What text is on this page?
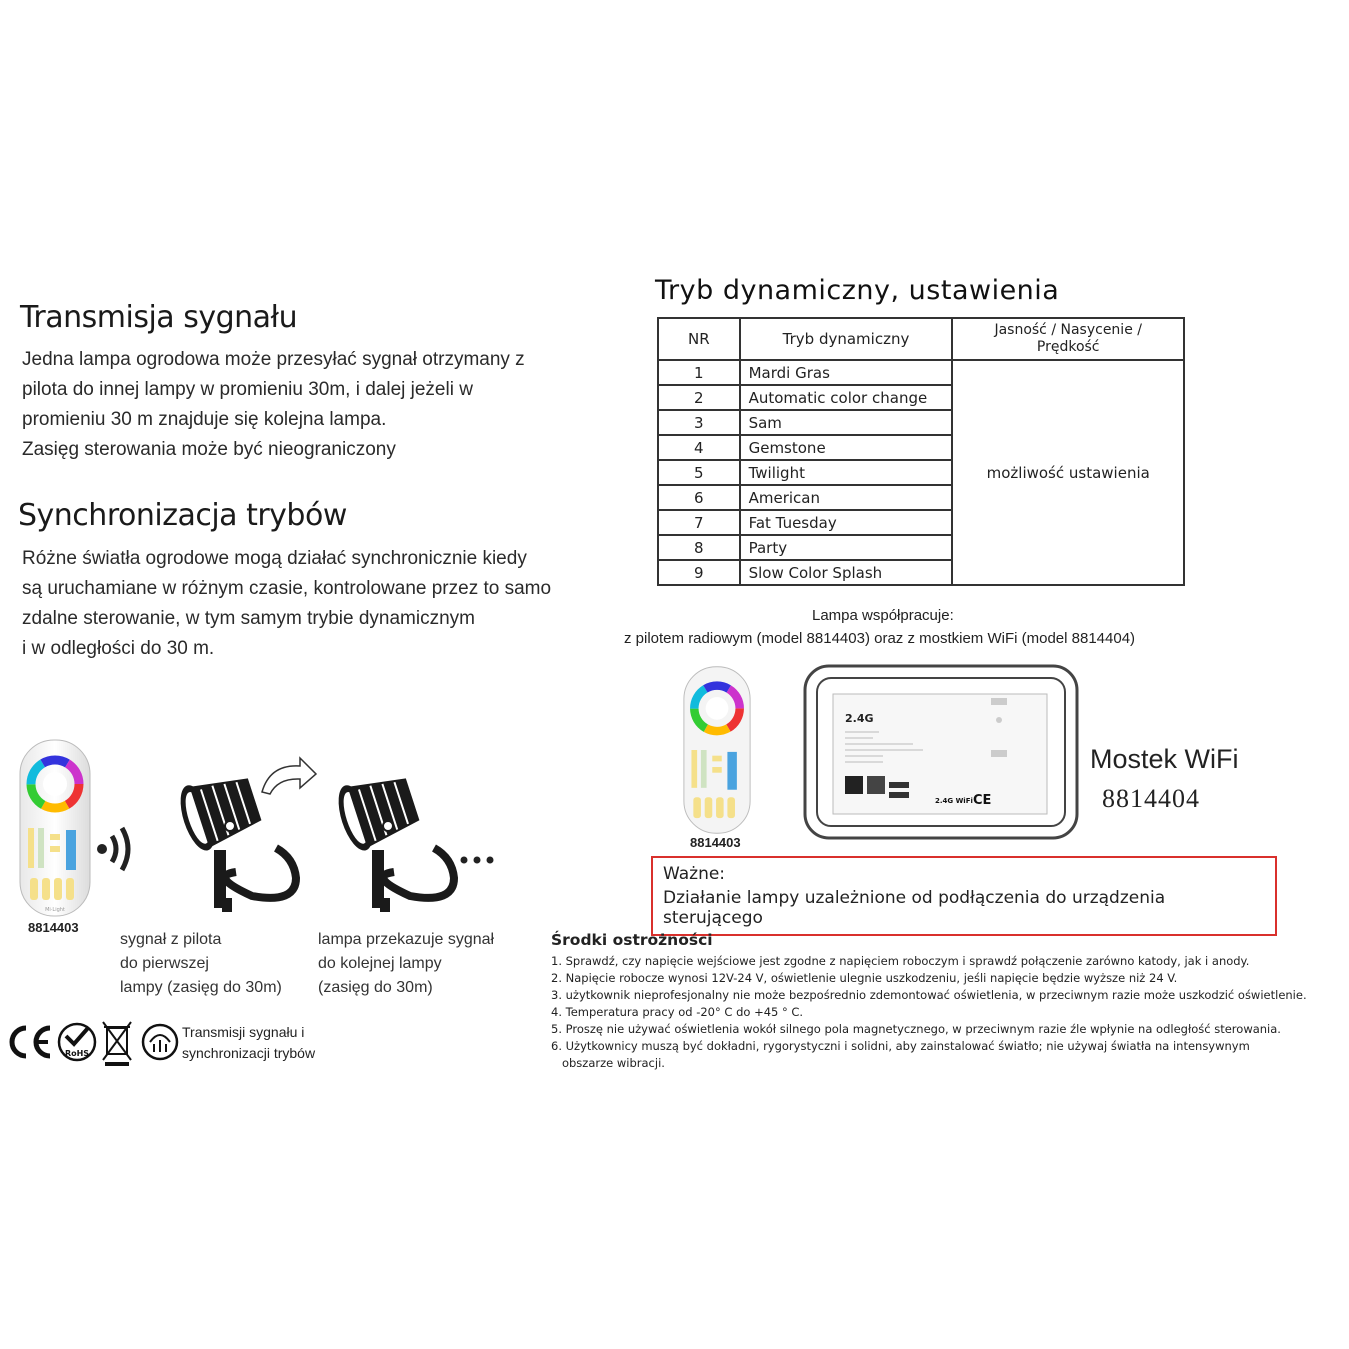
Transmisja sygnału
Jedna lampa ogrodowa może przesyłać sygnał otrzymany z
pilota do innej lampy w promieniu 30m, i dalej jeżeli w
promieniu 30 m znajduje się kolejna lampa.
Zasięg sterowania może być nieograniczony
Synchronizacja trybów
Różne światła ogrodowe mogą działać synchronicznie kiedy
są uruchamiane w różnym czasie, kontrolowane przez to samo
zdalne sterowanie, w tym samym trybie dynamicznym
i w odległości do 30 m.
Mi·Light
8814403
sygnał z pilota
do pierwszej
lampy (zasięg do 30m)
lampa przekazuje sygnał
do kolejnej lampy
(zasięg do 30m)
RoHS
Transmisji sygnału i
synchronizacji trybów
Tryb dynamiczny, ustawienia
NR	Tryb dynamiczny	Jasność / Nasycenie / Prędkość
1	Mardi Gras	możliwość ustawienia
2	Automatic color change	
3	Sam	
4	Gemstone	
5	Twilight	
6	American	
7	Fat Tuesday	
8	Party	
9	Slow Color Splash	
Lampa współpracuje:
z pilotem radiowym (model 8814403) oraz z mostkiem WiFi (model 8814404)
8814403
2.4G
2.4G WiFi CE
Mostek WiFi
8814404
Ważne:
Działanie lampy uzależnione od podłączenia do urządzenia sterującego
Środki ostrożności
1. Sprawdź, czy napięcie wejściowe jest zgodne z napięciem roboczym i sprawdź połączenie zarówno katody, jak i anody.
2. Napięcie robocze wynosi 12V-24 V, oświetlenie ulegnie uszkodzeniu, jeśli napięcie będzie wyższe niż 24 V.
3. użytkownik nieprofesjonalny nie może bezpośrednio zdemontować oświetlenia, w przeciwnym razie może uszkodzić oświetlenie.
4. Temperatura pracy od -20° C do +45 ° C.
5. Proszę nie używać oświetlenia wokół silnego pola magnetycznego, w przeciwnym razie źle wpłynie na odległość sterowania.
6. Użytkownicy muszą być dokładni, rygorystyczni i solidni, aby zainstalować światło; nie używaj światła na intensywnym
obszarze wibracji.
